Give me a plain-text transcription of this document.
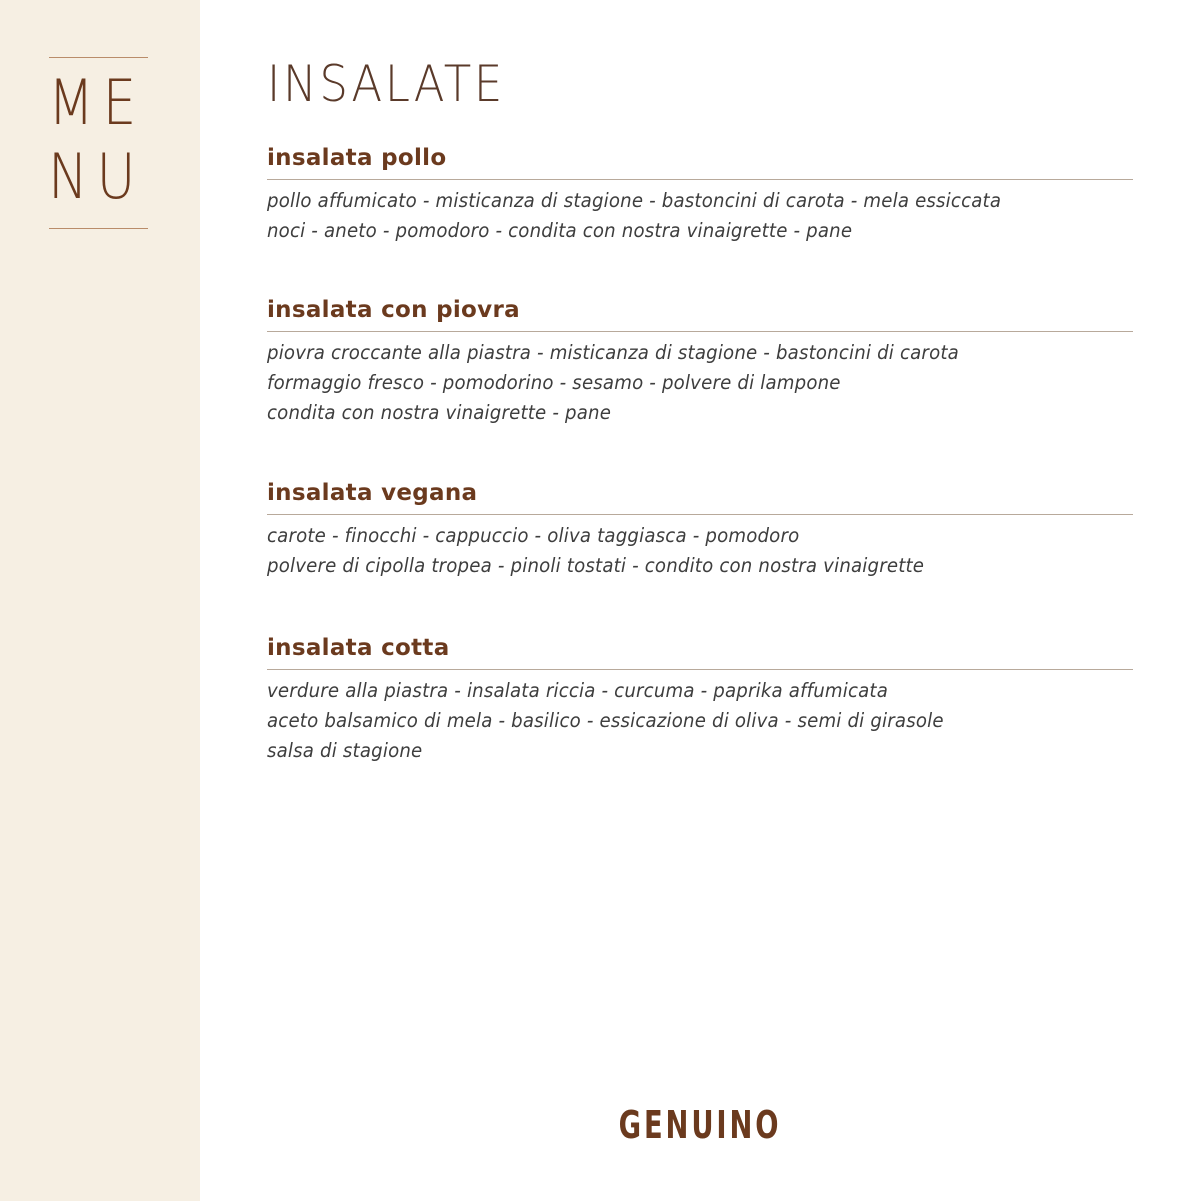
ME
NU
INSALATE
insalata pollo
pollo affumicato - misticanza di stagione - bastoncini di carota - mela essiccata
noci - aneto - pomodoro - condita con nostra vinaigrette - pane
insalata con piovra
piovra croccante alla piastra - misticanza di stagione - bastoncini di carota
formaggio fresco - pomodorino - sesamo - polvere di lampone
condita con nostra vinaigrette - pane
insalata vegana
carote - finocchi - cappuccio - oliva taggiasca - pomodoro
polvere di cipolla tropea - pinoli tostati - condito con nostra vinaigrette
insalata cotta
verdure alla piastra - insalata riccia - curcuma - paprika affumicata
aceto balsamico di mela - basilico - essicazione di oliva - semi di girasole
salsa di stagione
GENUINO
